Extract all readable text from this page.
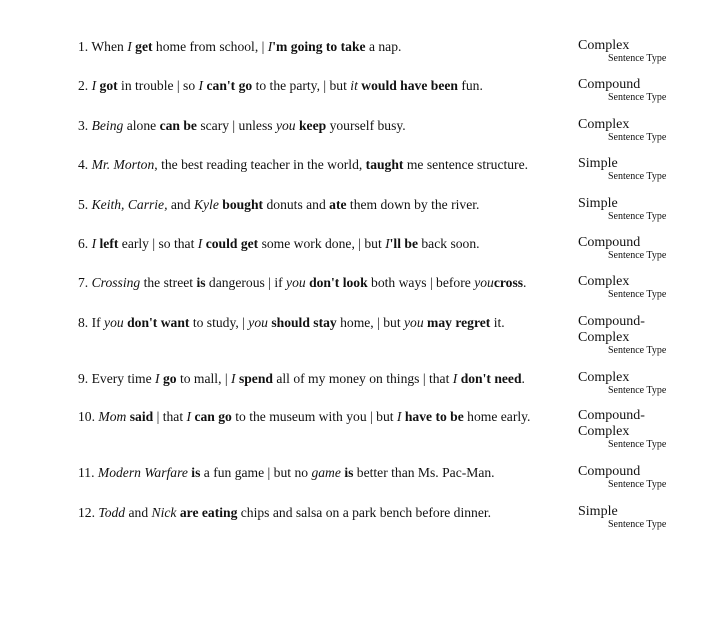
1. When I get home from school, | I'm going to take a nap.	Complex
Sentence Type
2. I got in trouble | so I can't go to the party, | but it would have been fun.	Compound
Sentence Type
3. Being alone can be scary | unless you keep yourself busy.	Complex
Sentence Type
4. Mr. Morton, the best reading teacher in the world, taught me sentence structure.	Simple
Sentence Type
5. Keith, Carrie, and Kyle bought donuts and ate them down by the river.	Simple
Sentence Type
6. I left early | so that I could get some work done, | but I'll be back soon.	Compound
Sentence Type
7. Crossing the street is dangerous | if you don't look both ways | before youcross.	Complex
Sentence Type
8. If you don't want to study, | you should stay home, | but you may regret it.	Compound-
Complex
Sentence Type
9. Every time I go to mall, | I spend all of my money on things | that I don't need.	Complex
Sentence Type
10. Mom said | that I can go to the museum with you | but I have to be home early.	Compound-
Complex
Sentence Type
11. Modern Warfare is a fun game | but no game is better than Ms. Pac-Man.	Compound
Sentence Type
12. Todd and Nick are eating chips and salsa on a park bench before dinner.	Simple
Sentence Type
